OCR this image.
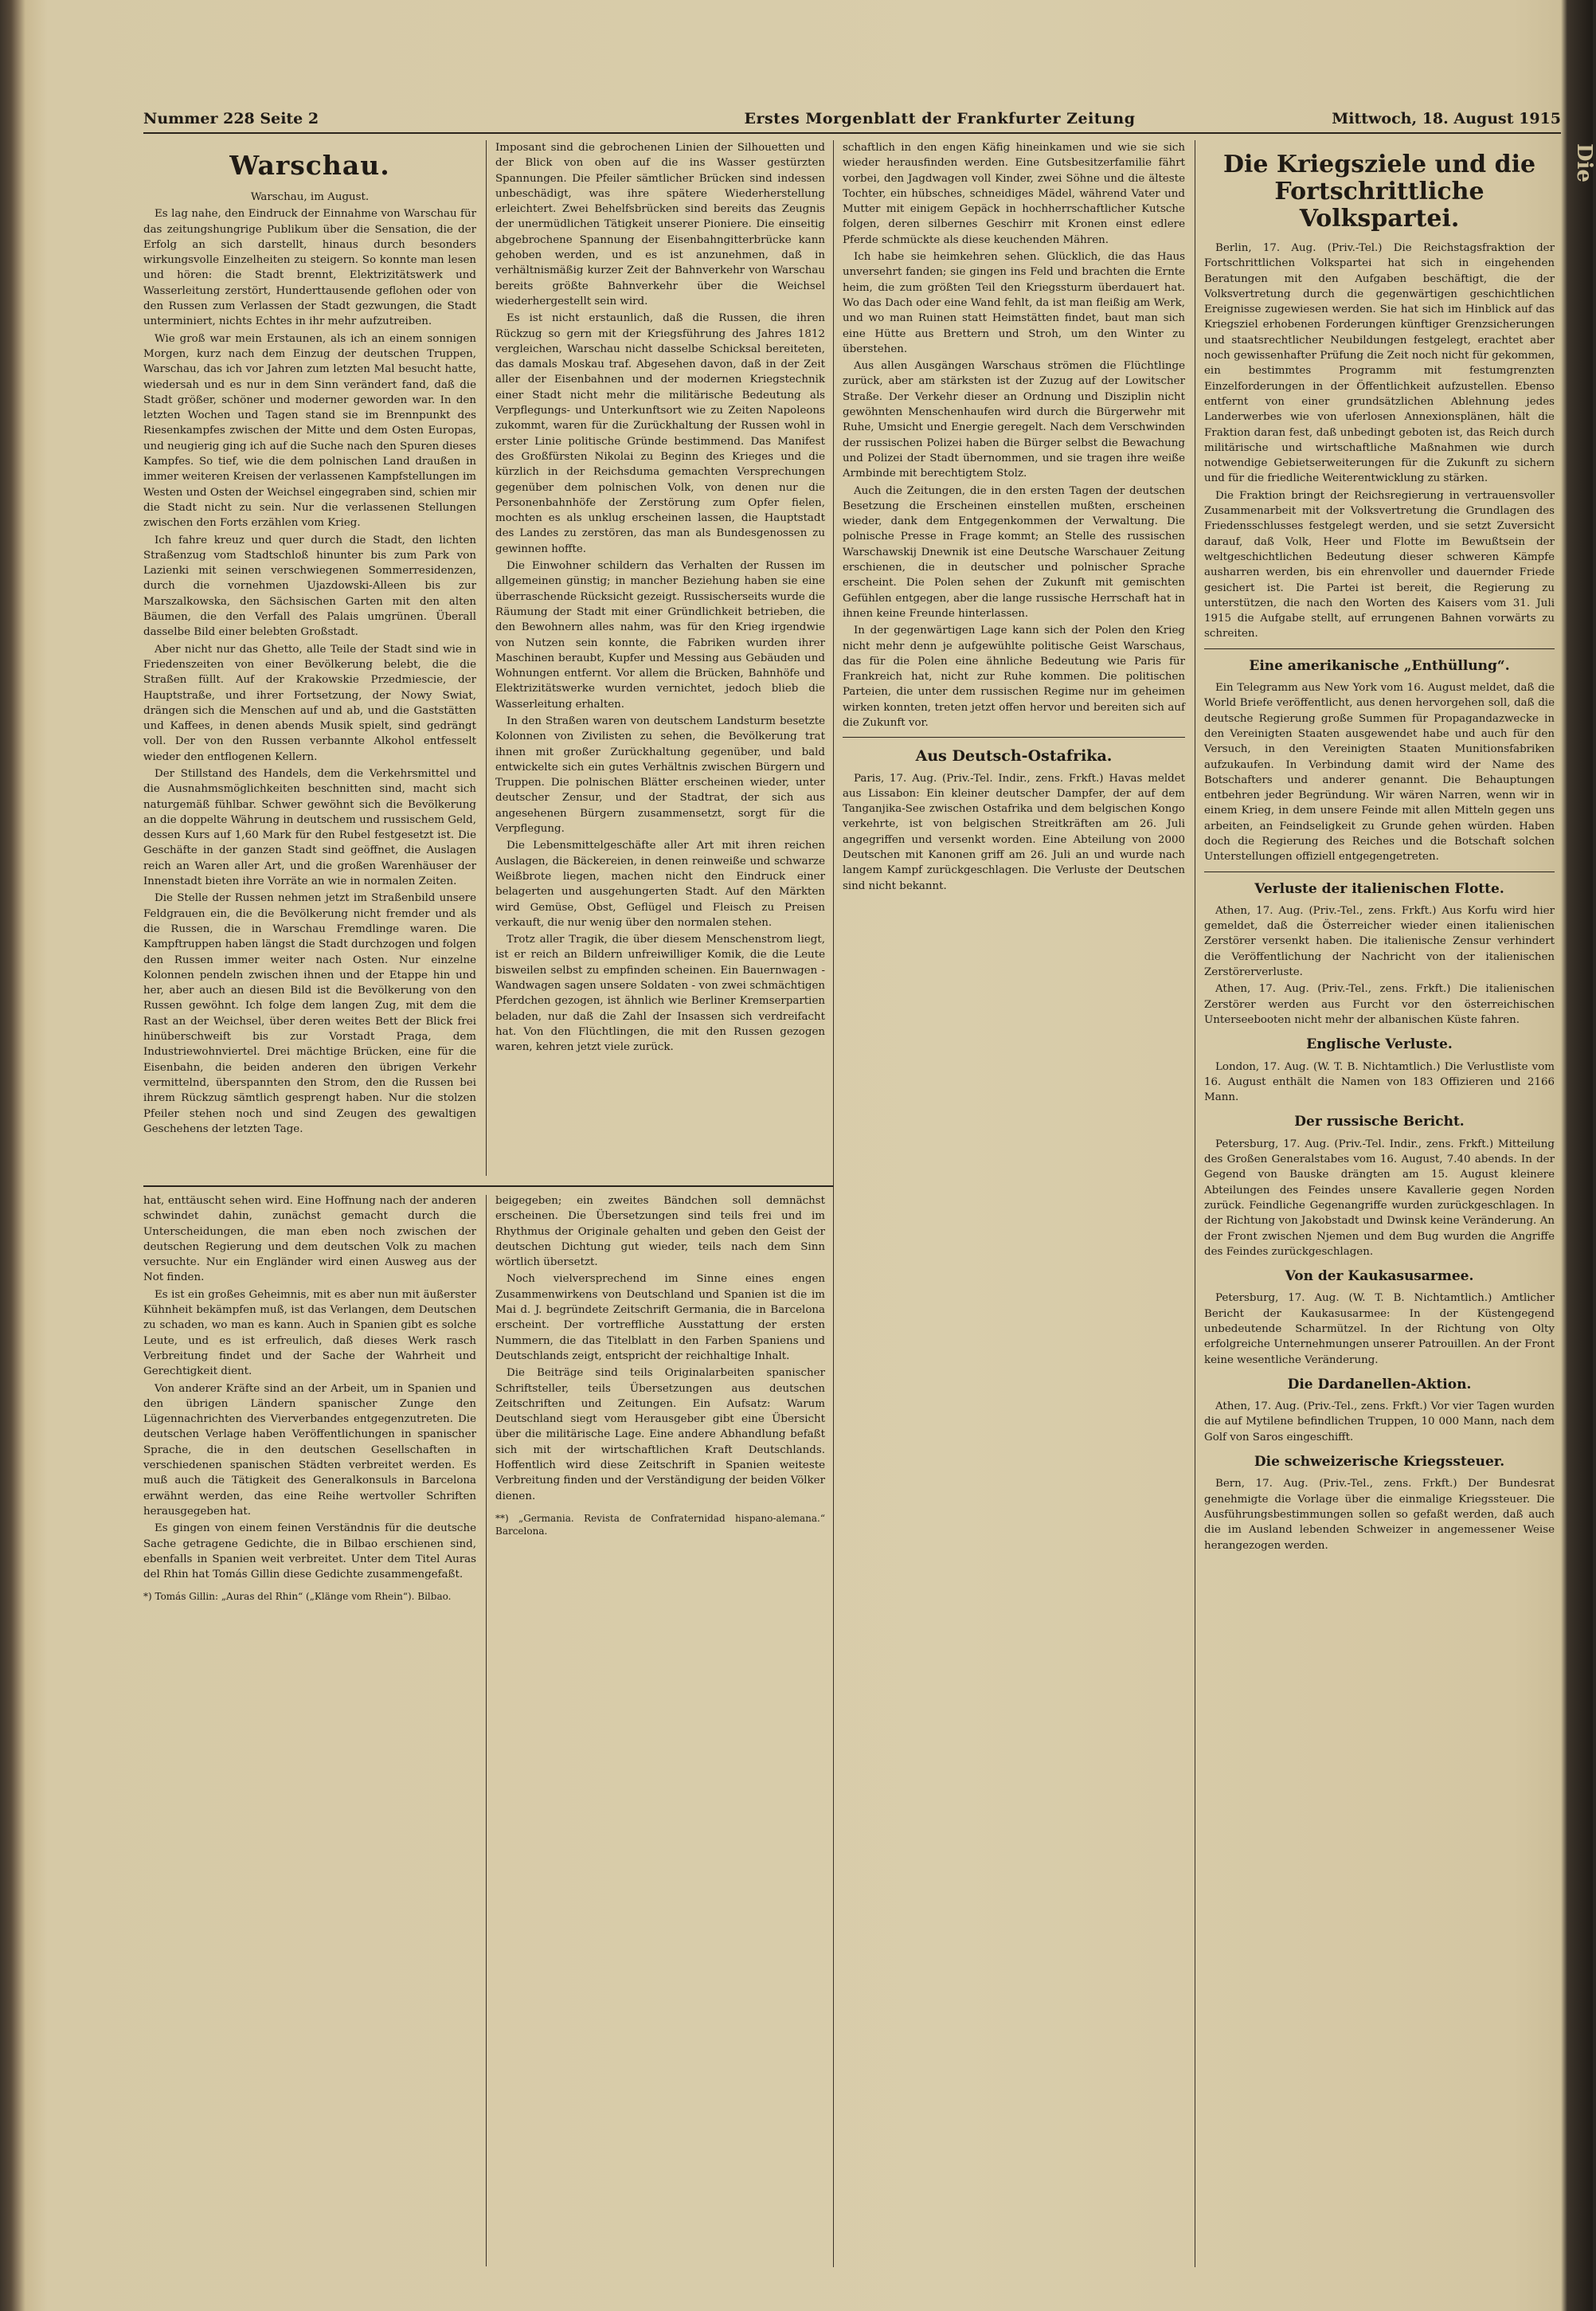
Die
Nummer 228 Seite 2	Erstes Morgenblatt der Frankfurter Zeitung	Mittwoch, 18. August 1915
Warschau.

Warschau, im August.

Es lag nahe, den Eindruck der Einnahme von Warschau für das zeitungshungrige Publikum über die Sensation, die der Erfolg an sich darstellt, hinaus durch besonders wirkungsvolle Einzelheiten zu steigern. So konnte man lesen und hören: die Stadt brennt, Elektrizitätswerk und Wasserleitung zerstört, Hunderttausende geflohen oder von den Russen zum Verlassen der Stadt gezwungen, die Stadt unterminiert, nichts Echtes in ihr mehr aufzutreiben.

Wie groß war mein Erstaunen, als ich an einem sonnigen Morgen, kurz nach dem Einzug der deutschen Truppen, Warschau, das ich vor Jahren zum letzten Mal besucht hatte, wiedersah und es nur in dem Sinn verändert fand, daß die Stadt größer, schöner und moderner geworden war. In den letzten Wochen und Tagen stand sie im Brennpunkt des Riesenkampfes zwischen der Mitte und dem Osten Europas, und neugierig ging ich auf die Suche nach den Spuren dieses Kampfes. So tief, wie die dem polnischen Land draußen in immer weiteren Kreisen der verlassenen Kampfstellungen im Westen und Osten der Weichsel eingegraben sind, schien mir die Stadt nicht zu sein. Nur die verlassenen Stellungen zwischen den Forts erzählen vom Krieg.

Ich fahre kreuz und quer durch die Stadt, den lichten Straßenzug vom Stadtschloß hinunter bis zum Park von Lazienki mit seinen verschwiegenen Sommerresidenzen, durch die vornehmen Ujazdowski-Alleen bis zur Marszalkowska, den Sächsischen Garten mit den alten Bäumen, die den Verfall des Palais umgrünen. Überall dasselbe Bild einer belebten Großstadt.

Aber nicht nur das Ghetto, alle Teile der Stadt sind wie in Friedenszeiten von einer Bevölkerung belebt, die die Straßen füllt. Auf der Krakowskie Przedmiescie, der Hauptstraße, und ihrer Fortsetzung, der Nowy Swiat, drängen sich die Menschen auf und ab, und die Gaststätten und Kaffees, in denen abends Musik spielt, sind gedrängt voll. Der von den Russen verbannte Alkohol entfesselt wieder den entflogenen Kellern.

Der Stillstand des Handels, dem die Verkehrsmittel und die Ausnahmsmöglichkeiten beschnitten sind, macht sich naturgemäß fühlbar. Schwer gewöhnt sich die Bevölkerung an die doppelte Währung in deutschem und russischem Geld, dessen Kurs auf 1,60 Mark für den Rubel festgesetzt ist. Die Geschäfte in der ganzen Stadt sind geöffnet, die Auslagen reich an Waren aller Art, und die großen Warenhäuser der Innenstadt bieten ihre Vorräte an wie in normalen Zeiten.

Die Stelle der Russen nehmen jetzt im Straßenbild unsere Feldgrauen ein, die die Bevölkerung nicht fremder und als die Russen, die in Warschau Fremdlinge waren. Die Kampftruppen haben längst die Stadt durchzogen und folgen den Russen immer weiter nach Osten. Nur einzelne Kolonnen pendeln zwischen ihnen und der Etappe hin und her, aber auch an diesen Bild ist die Bevölkerung von den Russen gewöhnt. Ich folge dem langen Zug, mit dem die Rast an der Weichsel, über deren weites Bett der Blick frei hinüberschweift bis zur Vorstadt Praga, dem Industriewohnviertel. Drei mächtige Brücken, eine für die Eisenbahn, die beiden anderen den übrigen Verkehr vermittelnd, überspannten den Strom, den die Russen bei ihrem Rückzug sämtlich gesprengt haben. Nur die stolzen Pfeiler stehen noch und sind Zeugen des gewaltigen Geschehens der letzten Tage.

Imposant sind die gebrochenen Linien der Silhouetten und der Blick von oben auf die ins Wasser gestürzten Spannungen. Die Pfeiler sämtlicher Brücken sind indessen unbeschädigt, was ihre spätere Wiederherstellung erleichtert. Zwei Behelfsbrücken sind bereits das Zeugnis der unermüdlichen Tätigkeit unserer Pioniere. Die einseitig abgebrochene Spannung der Eisenbahngitterbrücke kann gehoben werden, und es ist anzunehmen, daß in verhältnismäßig kurzer Zeit der Bahnverkehr von Warschau bereits größte Bahnverkehr über die Weichsel wiederhergestellt sein wird.

Es ist nicht erstaunlich, daß die Russen, die ihren Rückzug so gern mit der Kriegsführung des Jahres 1812 vergleichen, Warschau nicht dasselbe Schicksal bereiteten, das damals Moskau traf. Abgesehen davon, daß in der Zeit aller der Eisenbahnen und der modernen Kriegstechnik einer Stadt nicht mehr die militärische Bedeutung als Verpflegungs- und Unterkunftsort wie zu Zeiten Napoleons zukommt, waren für die Zurückhaltung der Russen wohl in erster Linie politische Gründe bestimmend. Das Manifest des Großfürsten Nikolai zu Beginn des Krieges und die kürzlich in der Reichsduma gemachten Versprechungen gegenüber dem polnischen Volk, von denen nur die Personenbahnhöfe der Zerstörung zum Opfer fielen, mochten es als unklug erscheinen lassen, die Hauptstadt des Landes zu zerstören, das man als Bundesgenossen zu gewinnen hoffte.

Die Einwohner schildern das Verhalten der Russen im allgemeinen günstig; in mancher Beziehung haben sie eine überraschende Rücksicht gezeigt. Russischerseits wurde die Räumung der Stadt mit einer Gründlichkeit betrieben, die den Bewohnern alles nahm, was für den Krieg irgendwie von Nutzen sein konnte, die Fabriken wurden ihrer Maschinen beraubt, Kupfer und Messing aus Gebäuden und Wohnungen entfernt. Vor allem die Brücken, Bahnhöfe und Elektrizitätswerke wurden vernichtet, jedoch blieb die Wasserleitung erhalten.

In den Straßen waren von deutschem Landsturm besetzte Kolonnen von Zivilisten zu sehen, die Bevölkerung trat ihnen mit großer Zurückhaltung gegenüber, und bald entwickelte sich ein gutes Verhältnis zwischen Bürgern und Truppen. Die polnischen Blätter erscheinen wieder, unter deutscher Zensur, und der Stadtrat, der sich aus angesehenen Bürgern zusammensetzt, sorgt für die Verpflegung.

Die Lebensmittelgeschäfte aller Art mit ihren reichen Auslagen, die Bäckereien, in denen reinweiße und schwarze Weißbrote liegen, machen nicht den Eindruck einer belagerten und ausgehungerten Stadt. Auf den Märkten wird Gemüse, Obst, Geflügel und Fleisch zu Preisen verkauft, die nur wenig über den normalen stehen.

Trotz aller Tragik, die über diesem Menschenstrom liegt, ist er reich an Bildern unfreiwilliger Komik, die die Leute bisweilen selbst zu empfinden scheinen. Ein Bauernwagen - Wandwagen sagen unsere Soldaten - von zwei schmächtigen Pferdchen gezogen, ist ähnlich wie Berliner Kremserpartien beladen, nur daß die Zahl der Insassen sich verdreifacht hat. Von den Flüchtlingen, die mit den Russen gezogen waren, kehren jetzt viele zurück.

hat, enttäuscht sehen wird. Eine Hoffnung nach der anderen schwindet dahin, zunächst gemacht durch die Unterscheidungen, die man eben noch zwischen der deutschen Regierung und dem deutschen Volk zu machen versuchte. Nur ein Engländer wird einen Ausweg aus der Not finden.

Es ist ein großes Geheimnis, mit es aber nun mit äußerster Kühnheit bekämpfen muß, ist das Verlangen, dem Deutschen zu schaden, wo man es kann. Auch in Spanien gibt es solche Leute, und es ist erfreulich, daß dieses Werk rasch Verbreitung findet und der Sache der Wahrheit und Gerechtigkeit dient.

Von anderer Kräfte sind an der Arbeit, um in Spanien und den übrigen Ländern spanischer Zunge den Lügennachrichten des Vierverbandes entgegenzutreten. Die deutschen Verlage haben Veröffentlichungen in spanischer Sprache, die in den deutschen Gesellschaften in verschiedenen spanischen Städten verbreitet werden. Es muß auch die Tätigkeit des Generalkonsuls in Barcelona erwähnt werden, das eine Reihe wertvoller Schriften herausgegeben hat.

Es gingen von einem feinen Verständnis für die deutsche Sache getragene Gedichte, die in Bilbao erschienen sind, ebenfalls in Spanien weit verbreitet. Unter dem Titel Auras del Rhin hat Tomás Gillin diese Gedichte zusammengefaßt.

*) Tomás Gillin: „Auras del Rhin“ („Klänge vom Rhein“). Bilbao.

beigegeben; ein zweites Bändchen soll demnächst erscheinen. Die Übersetzungen sind teils frei und im Rhythmus der Originale gehalten und geben den Geist der deutschen Dichtung gut wieder, teils nach dem Sinn wörtlich übersetzt.

Noch vielversprechend im Sinne eines engen Zusammenwirkens von Deutschland und Spanien ist die im Mai d. J. begründete Zeitschrift Germania, die in Barcelona erscheint. Der vortreffliche Ausstattung der ersten Nummern, die das Titelblatt in den Farben Spaniens und Deutschlands zeigt, entspricht der reichhaltige Inhalt.

Die Beiträge sind teils Originalarbeiten spanischer Schriftsteller, teils Übersetzungen aus deutschen Zeitschriften und Zeitungen. Ein Aufsatz: Warum Deutschland siegt vom Herausgeber gibt eine Übersicht über die militärische Lage. Eine andere Abhandlung befaßt sich mit der wirtschaftlichen Kraft Deutschlands. Hoffentlich wird diese Zeitschrift in Spanien weiteste Verbreitung finden und der Verständigung der beiden Völker dienen.

**) „Germania. Revista de Confraternidad hispano-alemana.“ Barcelona.

schaftlich in den engen Käfig hineinkamen und wie sie sich wieder herausfinden werden. Eine Gutsbesitzerfamilie fährt vorbei, den Jagdwagen voll Kinder, zwei Söhne und die älteste Tochter, ein hübsches, schneidiges Mädel, während Vater und Mutter mit einigem Gepäck in hochherrschaftlicher Kutsche folgen, deren silbernes Geschirr mit Kronen einst edlere Pferde schmückte als diese keuchenden Mähren.

Ich habe sie heimkehren sehen. Glücklich, die das Haus unversehrt fanden; sie gingen ins Feld und brachten die Ernte heim, die zum größten Teil den Kriegssturm überdauert hat. Wo das Dach oder eine Wand fehlt, da ist man fleißig am Werk, und wo man Ruinen statt Heimstätten findet, baut man sich eine Hütte aus Brettern und Stroh, um den Winter zu überstehen.

Aus allen Ausgängen Warschaus strömen die Flüchtlinge zurück, aber am stärksten ist der Zuzug auf der Lowitscher Straße. Der Verkehr dieser an Ordnung und Disziplin nicht gewöhnten Menschenhaufen wird durch die Bürgerwehr mit Ruhe, Umsicht und Energie geregelt. Nach dem Verschwinden der russischen Polizei haben die Bürger selbst die Bewachung und Polizei der Stadt übernommen, und sie tragen ihre weiße Armbinde mit berechtigtem Stolz.

Auch die Zeitungen, die in den ersten Tagen der deutschen Besetzung die Erscheinen einstellen mußten, erscheinen wieder, dank dem Entgegenkommen der Verwaltung. Die polnische Presse in Frage kommt; an Stelle des russischen Warschawskij Dnewnik ist eine Deutsche Warschauer Zeitung erschienen, die in deutscher und polnischer Sprache erscheint. Die Polen sehen der Zukunft mit gemischten Gefühlen entgegen, aber die lange russische Herrschaft hat in ihnen keine Freunde hinterlassen.

In der gegenwärtigen Lage kann sich der Polen den Krieg nicht mehr denn je aufgewühlte politische Geist Warschaus, das für die Polen eine ähnliche Bedeutung wie Paris für Frankreich hat, nicht zur Ruhe kommen. Die politischen Parteien, die unter dem russischen Regime nur im geheimen wirken konnten, treten jetzt offen hervor und bereiten sich auf die Zukunft vor.

Aus Deutsch-Ostafrika.

Paris, 17. Aug. (Priv.-Tel. Indir., zens. Frkft.) Havas meldet aus Lissabon: Ein kleiner deutscher Dampfer, der auf dem Tanganjika-See zwischen Ostafrika und dem belgischen Kongo verkehrte, ist von belgischen Streitkräften am 26. Juli angegriffen und versenkt worden. Eine Abteilung von 2000 Deutschen mit Kanonen griff am 26. Juli an und wurde nach langem Kampf zurückgeschlagen. Die Verluste der Deutschen sind nicht bekannt.

Die Kriegsziele und die Fortschrittliche Volkspartei.

Berlin, 17. Aug. (Priv.-Tel.) Die Reichstagsfraktion der Fortschrittlichen Volkspartei hat sich in eingehenden Beratungen mit den Aufgaben beschäftigt, die der Volksvertretung durch die gegenwärtigen geschichtlichen Ereignisse zugewiesen werden. Sie hat sich im Hinblick auf das Kriegsziel erhobenen Forderungen künftiger Grenzsicherungen und staatsrechtlicher Neubildungen festgelegt, erachtet aber noch gewissenhafter Prüfung die Zeit noch nicht für gekommen, ein bestimmtes Programm mit festumgrenzten Einzelforderungen in der Öffentlichkeit aufzustellen. Ebenso entfernt von einer grundsätzlichen Ablehnung jedes Landerwerbes wie von uferlosen Annexionsplänen, hält die Fraktion daran fest, daß unbedingt geboten ist, das Reich durch militärische und wirtschaftliche Maßnahmen wie durch notwendige Gebietserweiterungen für die Zukunft zu sichern und für die friedliche Weiterentwicklung zu stärken.

Die Fraktion bringt der Reichsregierung in vertrauensvoller Zusammenarbeit mit der Volksvertretung die Grundlagen des Friedensschlusses festgelegt werden, und sie setzt Zuversicht darauf, daß Volk, Heer und Flotte im Bewußtsein der weltgeschichtlichen Bedeutung dieser schweren Kämpfe ausharren werden, bis ein ehrenvoller und dauernder Friede gesichert ist. Die Partei ist bereit, die Regierung zu unterstützen, die nach den Worten des Kaisers vom 31. Juli 1915 die Aufgabe stellt, auf errungenen Bahnen vorwärts zu schreiten.

Eine amerikanische „Enthüllung“.

Ein Telegramm aus New York vom 16. August meldet, daß die World Briefe veröffentlicht, aus denen hervorgehen soll, daß die deutsche Regierung große Summen für Propagandazwecke in den Vereinigten Staaten ausgewendet habe und auch für den Versuch, in den Vereinigten Staaten Munitionsfabriken aufzukaufen. In Verbindung damit wird der Name des Botschafters und anderer genannt. Die Behauptungen entbehren jeder Begründung. Wir wären Narren, wenn wir in einem Krieg, in dem unsere Feinde mit allen Mitteln gegen uns arbeiten, an Feindseligkeit zu Grunde gehen würden. Haben doch die Regierung des Reiches und die Botschaft solchen Unterstellungen offiziell entgegengetreten.

Verluste der italienischen Flotte.

Athen, 17. Aug. (Priv.-Tel., zens. Frkft.) Aus Korfu wird hier gemeldet, daß die Österreicher wieder einen italienischen Zerstörer versenkt haben. Die italienische Zensur verhindert die Veröffentlichung der Nachricht von der italienischen Zerstörerverluste.

Athen, 17. Aug. (Priv.-Tel., zens. Frkft.) Die italienischen Zerstörer werden aus Furcht vor den österreichischen Unterseebooten nicht mehr der albanischen Küste fahren.

Englische Verluste.

London, 17. Aug. (W. T. B. Nichtamtlich.) Die Verlustliste vom 16. August enthält die Namen von 183 Offizieren und 2166 Mann.

Der russische Bericht.

Petersburg, 17. Aug. (Priv.-Tel. Indir., zens. Frkft.) Mitteilung des Großen Generalstabes vom 16. August, 7.40 abends. In der Gegend von Bauske drängten am 15. August kleinere Abteilungen des Feindes unsere Kavallerie gegen Norden zurück. Feindliche Gegenangriffe wurden zurückgeschlagen. In der Richtung von Jakobstadt und Dwinsk keine Veränderung. An der Front zwischen Njemen und dem Bug wurden die Angriffe des Feindes zurückgeschlagen.

Von der Kaukasusarmee.

Petersburg, 17. Aug. (W. T. B. Nichtamtlich.) Amtlicher Bericht der Kaukasusarmee: In der Küstengegend unbedeutende Scharmützel. In der Richtung von Olty erfolgreiche Unternehmungen unserer Patrouillen. An der Front keine wesentliche Veränderung.

Die Dardanellen-Aktion.

Athen, 17. Aug. (Priv.-Tel., zens. Frkft.) Vor vier Tagen wurden die auf Mytilene befindlichen Truppen, 10 000 Mann, nach dem Golf von Saros eingeschifft.

Die schweizerische Kriegssteuer.

Bern, 17. Aug. (Priv.-Tel., zens. Frkft.) Der Bundesrat genehmigte die Vorlage über die einmalige Kriegssteuer. Die Ausführungsbestimmungen sollen so gefaßt werden, daß auch die im Ausland lebenden Schweizer in angemessener Weise herangezogen werden.
